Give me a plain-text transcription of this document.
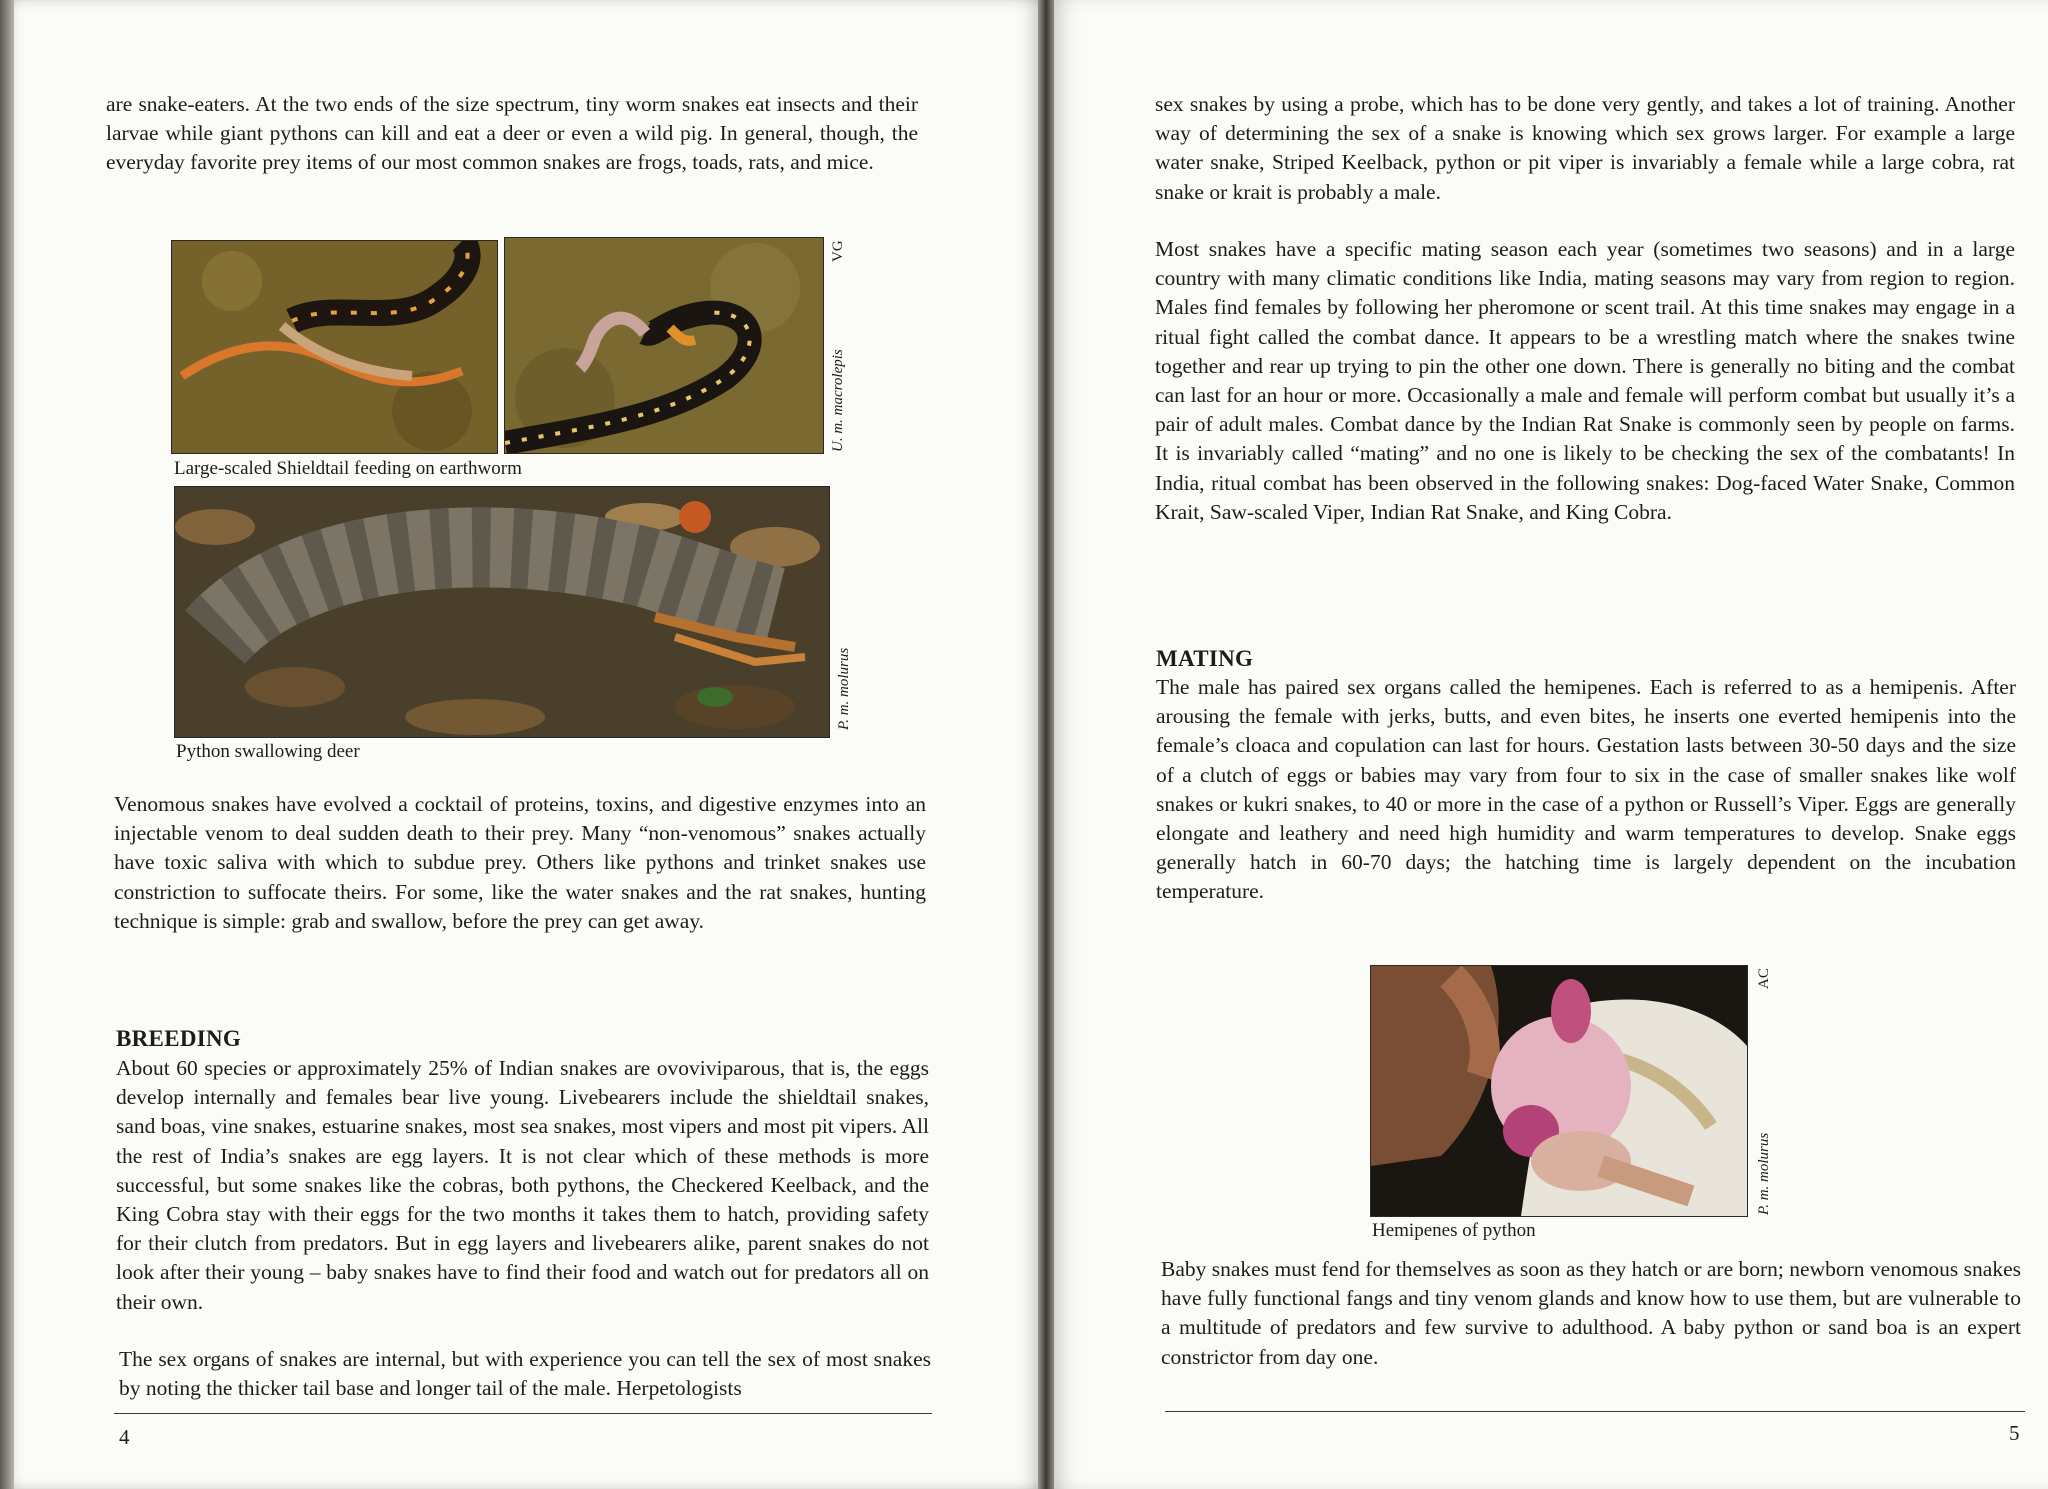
are snake-eaters. At the two ends of the size spectrum, tiny worm snakes eat insects and their larvae while giant pythons can kill and eat a deer or even a wild pig. In general, though, the everyday favorite prey items of our most common snakes are frogs, toads, rats, and mice.

U. m. macrolepis
VG

Large-scaled Shieldtail feeding on earthworm

P. m. molurus

Python swallowing deer

Venomous snakes have evolved a cocktail of proteins, toxins, and digestive enzymes into an injectable venom to deal sudden death to their prey. Many “non-venomous” snakes actually have toxic saliva with which to subdue prey. Others like pythons and trinket snakes use constriction to suffocate theirs. For some, like the water snakes and the rat snakes, hunting technique is simple: grab and swallow, before the prey can get away.

BREEDING

About 60 species or approximately 25% of Indian snakes are ovoviviparous, that is, the eggs develop internally and females bear live young. Livebearers include the shieldtail snakes, sand boas, vine snakes, estuarine snakes, most sea snakes, most vipers and most pit vipers. All the rest of India’s snakes are egg layers. It is not clear which of these methods is more successful, but some snakes like the cobras, both pythons, the Checkered Keelback, and the King Cobra stay with their eggs for the two months it takes them to hatch, providing safety for their clutch from predators. But in egg layers and livebearers alike, parent snakes do not look after their young – baby snakes have to find their food and watch out for predators all on their own.

The sex organs of snakes are internal, but with experience you can tell the sex of most snakes by noting the thicker tail base and longer tail of the male. Herpetologists

4

sex snakes by using a probe, which has to be done very gently, and takes a lot of training. Another way of determining the sex of a snake is knowing which sex grows larger. For example a large water snake, Striped Keelback, python or pit viper is invariably a female while a large cobra, rat snake or krait is probably a male.

Most snakes have a specific mating season each year (sometimes two seasons) and in a large country with many climatic conditions like India, mating seasons may vary from region to region. Males find females by following her pheromone or scent trail. At this time snakes may engage in a ritual fight called the combat dance. It appears to be a wrestling match where the snakes twine together and rear up trying to pin the other one down. There is generally no biting and the combat can last for an hour or more. Occasionally a male and female will perform combat but usually it’s a pair of adult males. Combat dance by the Indian Rat Snake is commonly seen by people on farms. It is invariably called “mating” and no one is likely to be checking the sex of the combatants! In India, ritual combat has been observed in the following snakes: Dog-faced Water Snake, Common Krait, Saw-scaled Viper, Indian Rat Snake, and King Cobra.

MATING

The male has paired sex organs called the hemipenes. Each is referred to as a hemipenis. After arousing the female with jerks, butts, and even bites, he inserts one everted hemipenis into the female’s cloaca and copulation can last for hours. Gestation lasts between 30-50 days and the size of a clutch of eggs or babies may vary from four to six in the case of smaller snakes like wolf snakes or kukri snakes, to 40 or more in the case of a python or Russell’s Viper. Eggs are generally elongate and leathery and need high humidity and warm temperatures to develop. Snake eggs generally hatch in 60-70 days; the hatching time is largely dependent on the incubation temperature.

P. m. molurus
AC

Hemipenes of python

Baby snakes must fend for themselves as soon as they hatch or are born; newborn venomous snakes have fully functional fangs and tiny venom glands and know how to use them, but are vulnerable to a multitude of predators and few survive to adulthood. A baby python or sand boa is an expert constrictor from day one.

5
